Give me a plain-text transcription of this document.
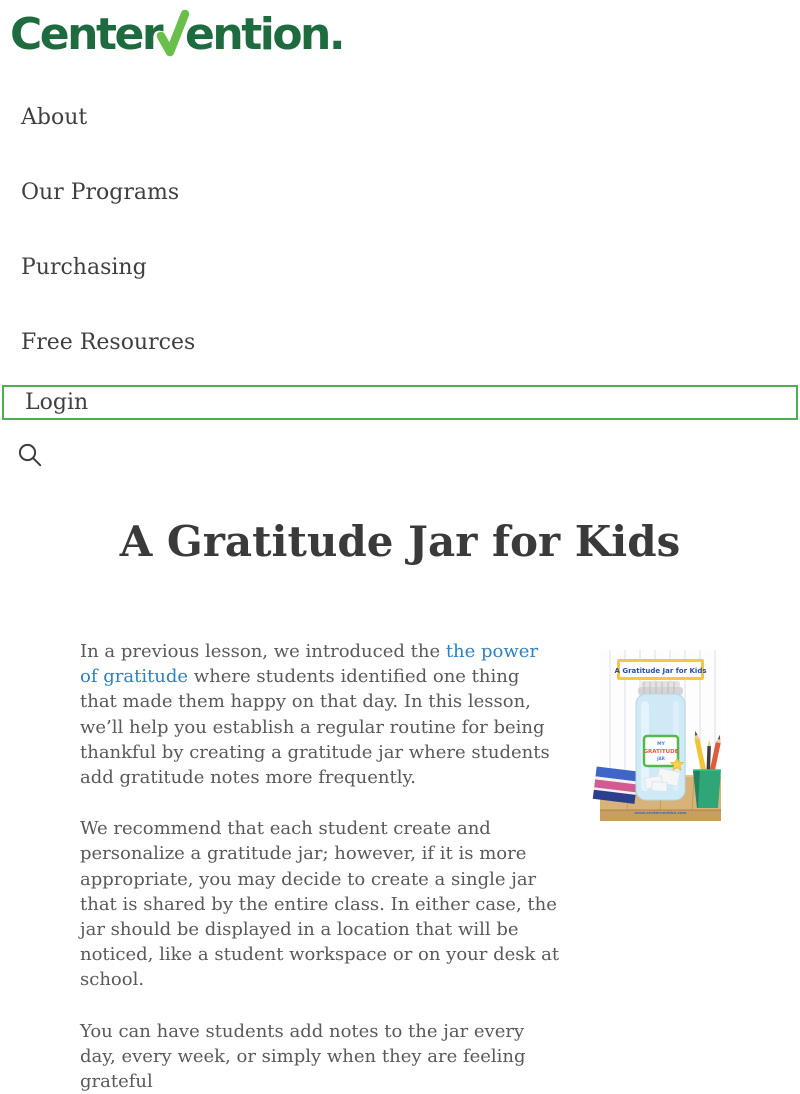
Center ention .
About
Our Programs
Purchasing
Free Resources
Login
A Gratitude Jar for Kids

In a previous lesson, we introduced the the power of gratitude where students identified one thing that made them happy on that day. In this lesson, we’ll help you establish a regular routine for being thankful by creating a gratitude jar where students add gratitude notes more frequently.

We recommend that each student create and personalize a gratitude jar; however, if it is more appropriate, you may decide to create a single jar that is shared by the entire class. In either case, the jar should be displayed in a location that will be noticed, like a student workspace or on your desk at school.

You can have students add notes to the jar every day, every week, or simply when they are feeling grateful

A Gratitude Jar for Kids
MY
GRATITUDE
JAR
www.centervention.com
